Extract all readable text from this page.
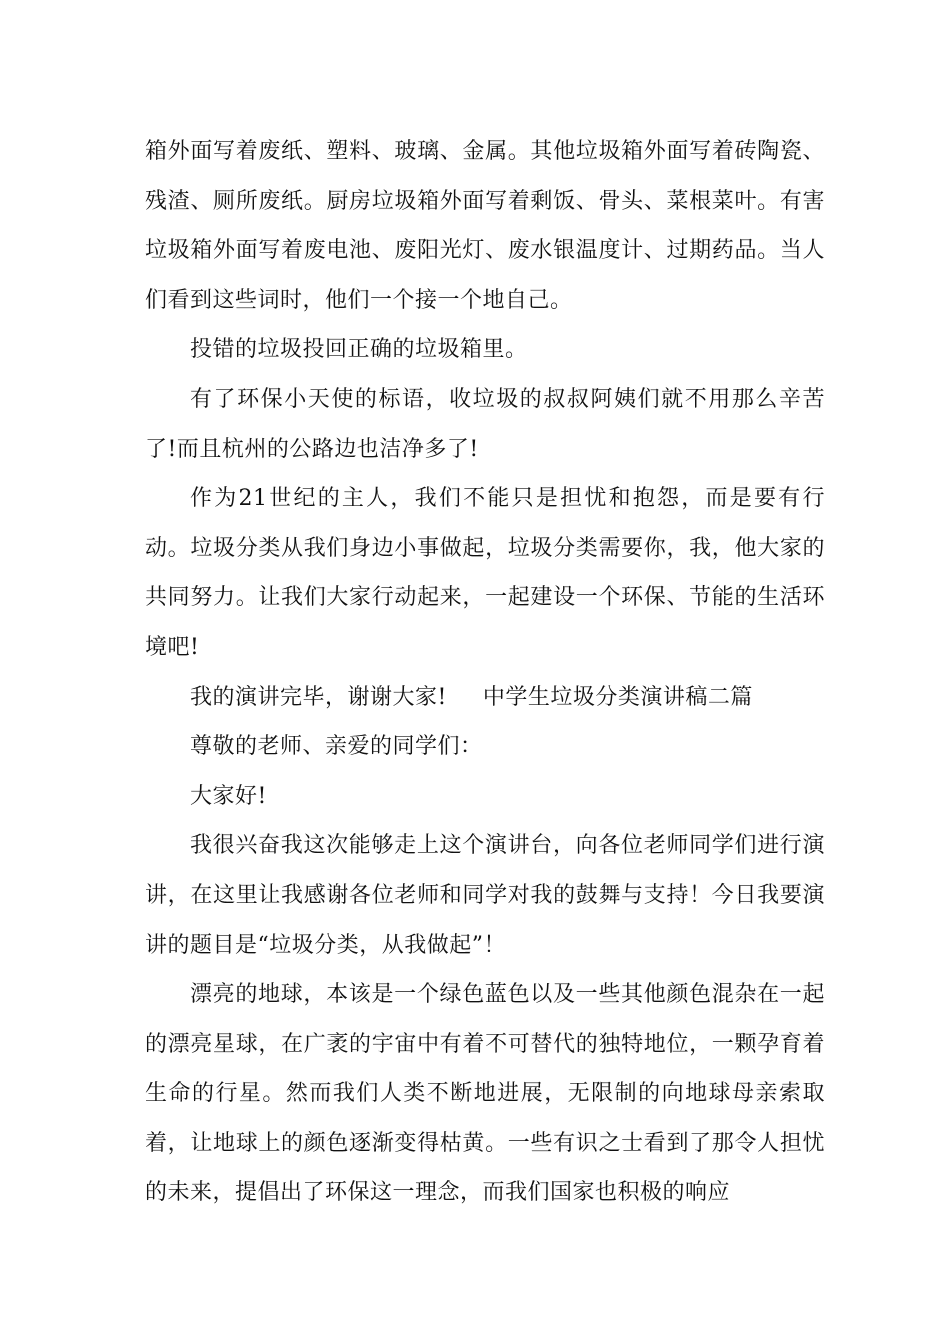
箱外面写着废纸、塑料、玻璃、金属。其他垃圾箱外面写着砖陶瓷、残渣、厕所废纸。厨房垃圾箱外面写着剩饭、骨头、菜根菜叶。有害垃圾箱外面写着废电池、废阳光灯、废水银温度计、过期药品。当人们看到这些词时，他们一个接一个地自己。

投错的垃圾投回正确的垃圾箱里。

有了环保小天使的标语，收垃圾的叔叔阿姨们就不用那么辛苦了!而且杭州的公路边也洁净多了!

作为21世纪的主人，我们不能只是担忧和抱怨，而是要有行动。垃圾分类从我们身边小事做起，垃圾分类需要你，我，他大家的共同努力。让我们大家行动起来，一起建设一个环保、节能的生活环境吧!

我的演讲完毕，谢谢大家! 中学生垃圾分类演讲稿二篇

尊敬的老师、亲爱的同学们：

大家好!

我很兴奋我这次能够走上这个演讲台，向各位老师同学们进行演讲，在这里让我感谢各位老师和同学对我的鼓舞与支持！今日我要演讲的题目是“垃圾分类，从我做起”！

漂亮的地球，本该是一个绿色蓝色以及一些其他颜色混杂在一起的漂亮星球，在广袤的宇宙中有着不可替代的独特地位，一颗孕育着生命的行星。然而我们人类不断地进展，无限制的向地球母亲索取着，让地球上的颜色逐渐变得枯黄。一些有识之士看到了那令人担忧的未来，提倡出了环保这一理念，而我们国家也积极的响应
